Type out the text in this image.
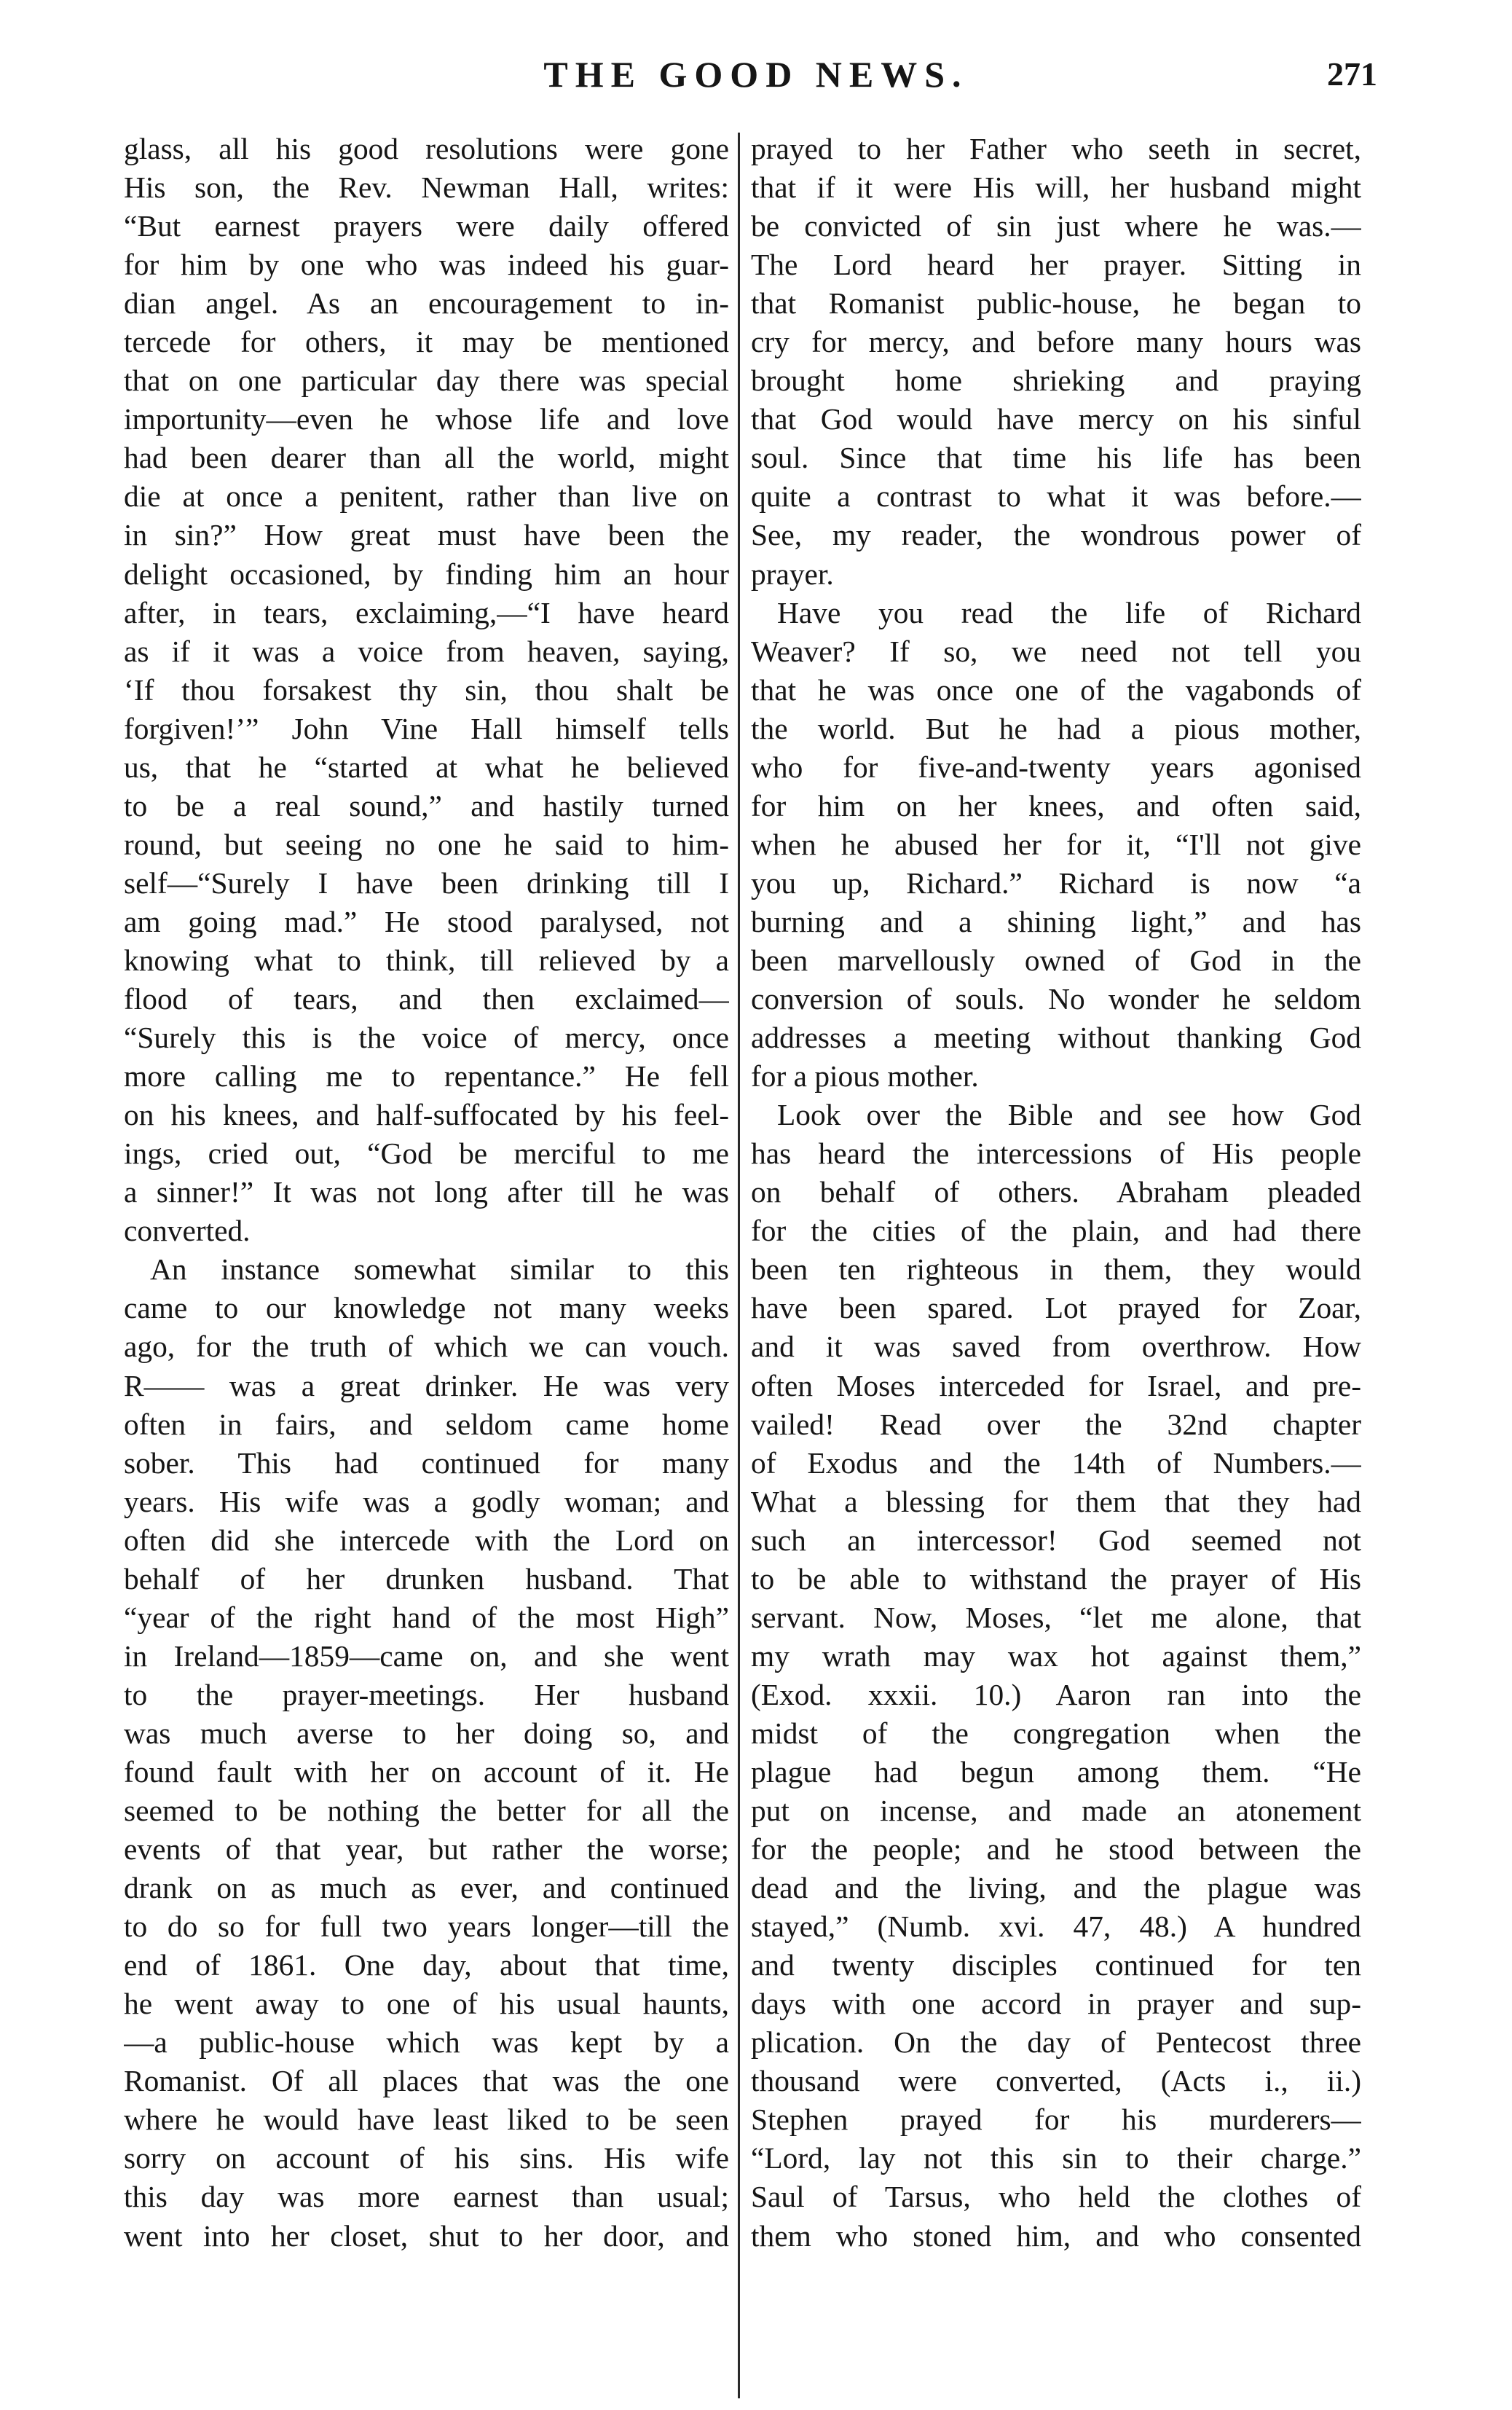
THE GOOD NEWS.	271
glass, all his good resolutions were gone
His son, the Rev. Newman Hall, writes:
“But earnest prayers were daily offered
for him by one who was indeed his guar-
dian angel. As an encouragement to in-
tercede for others, it may be mentioned
that on one particular day there was special
importunity—even he whose life and love
had been dearer than all the world, might
die at once a penitent, rather than live on
in sin?” How great must have been the
delight occasioned, by finding him an hour
after, in tears, exclaiming,—“I have heard
as if it was a voice from heaven, saying,
‘If thou forsakest thy sin, thou shalt be
forgiven!’” John Vine Hall himself tells
us, that he “started at what he believed
to be a real sound,” and hastily turned
round, but seeing no one he said to him-
self—“Surely I have been drinking till I
am going mad.” He stood paralysed, not
knowing what to think, till relieved by a
flood of tears, and then exclaimed—
“Surely this is the voice of mercy, once
more calling me to repentance.” He fell
on his knees, and half-suffocated by his feel-
ings, cried out, “God be merciful to me
a sinner!” It was not long after till he was
converted.
An instance somewhat similar to this
came to our knowledge not many weeks
ago, for the truth of which we can vouch.
R—— was a great drinker. He was very
often in fairs, and seldom came home
sober. This had continued for many
years. His wife was a godly woman; and
often did she intercede with the Lord on
behalf of her drunken husband. That
“year of the right hand of the most High”
in Ireland—1859—came on, and she went
to the prayer-meetings. Her husband
was much averse to her doing so, and
found fault with her on account of it. He
seemed to be nothing the better for all the
events of that year, but rather the worse;
drank on as much as ever, and continued
to do so for full two years longer—till the
end of 1861. One day, about that time,
he went away to one of his usual haunts,
—a public-house which was kept by a
Romanist. Of all places that was the one
where he would have least liked to be seen
sorry on account of his sins. His wife
this day was more earnest than usual;
went into her closet, shut to her door, and
prayed to her Father who seeth in secret,
that if it were His will, her husband might
be convicted of sin just where he was.—
The Lord heard her prayer. Sitting in
that Romanist public-house, he began to
cry for mercy, and before many hours was
brought home shrieking and praying
that God would have mercy on his sinful
soul. Since that time his life has been
quite a contrast to what it was before.—
See, my reader, the wondrous power of
prayer.
Have you read the life of Richard
Weaver? If so, we need not tell you
that he was once one of the vagabonds of
the world. But he had a pious mother,
who for five-and-twenty years agonised
for him on her knees, and often said,
when he abused her for it, “I'll not give
you up, Richard.” Richard is now “a
burning and a shining light,” and has
been marvellously owned of God in the
conversion of souls. No wonder he seldom
addresses a meeting without thanking God
for a pious mother.
Look over the Bible and see how God
has heard the intercessions of His people
on behalf of others. Abraham pleaded
for the cities of the plain, and had there
been ten righteous in them, they would
have been spared. Lot prayed for Zoar,
and it was saved from overthrow. How
often Moses interceded for Israel, and pre-
vailed! Read over the 32nd chapter
of Exodus and the 14th of Numbers.—
What a blessing for them that they had
such an intercessor! God seemed not
to be able to withstand the prayer of His
servant. Now, Moses, “let me alone, that
my wrath may wax hot against them,”
(Exod. xxxii. 10.) Aaron ran into the
midst of the congregation when the
plague had begun among them. “He
put on incense, and made an atonement
for the people; and he stood between the
dead and the living, and the plague was
stayed,” (Numb. xvi. 47, 48.) A hundred
and twenty disciples continued for ten
days with one accord in prayer and sup-
plication. On the day of Pentecost three
thousand were converted, (Acts i., ii.)
Stephen prayed for his murderers—
“Lord, lay not this sin to their charge.”
Saul of Tarsus, who held the clothes of
them who stoned him, and who consented
